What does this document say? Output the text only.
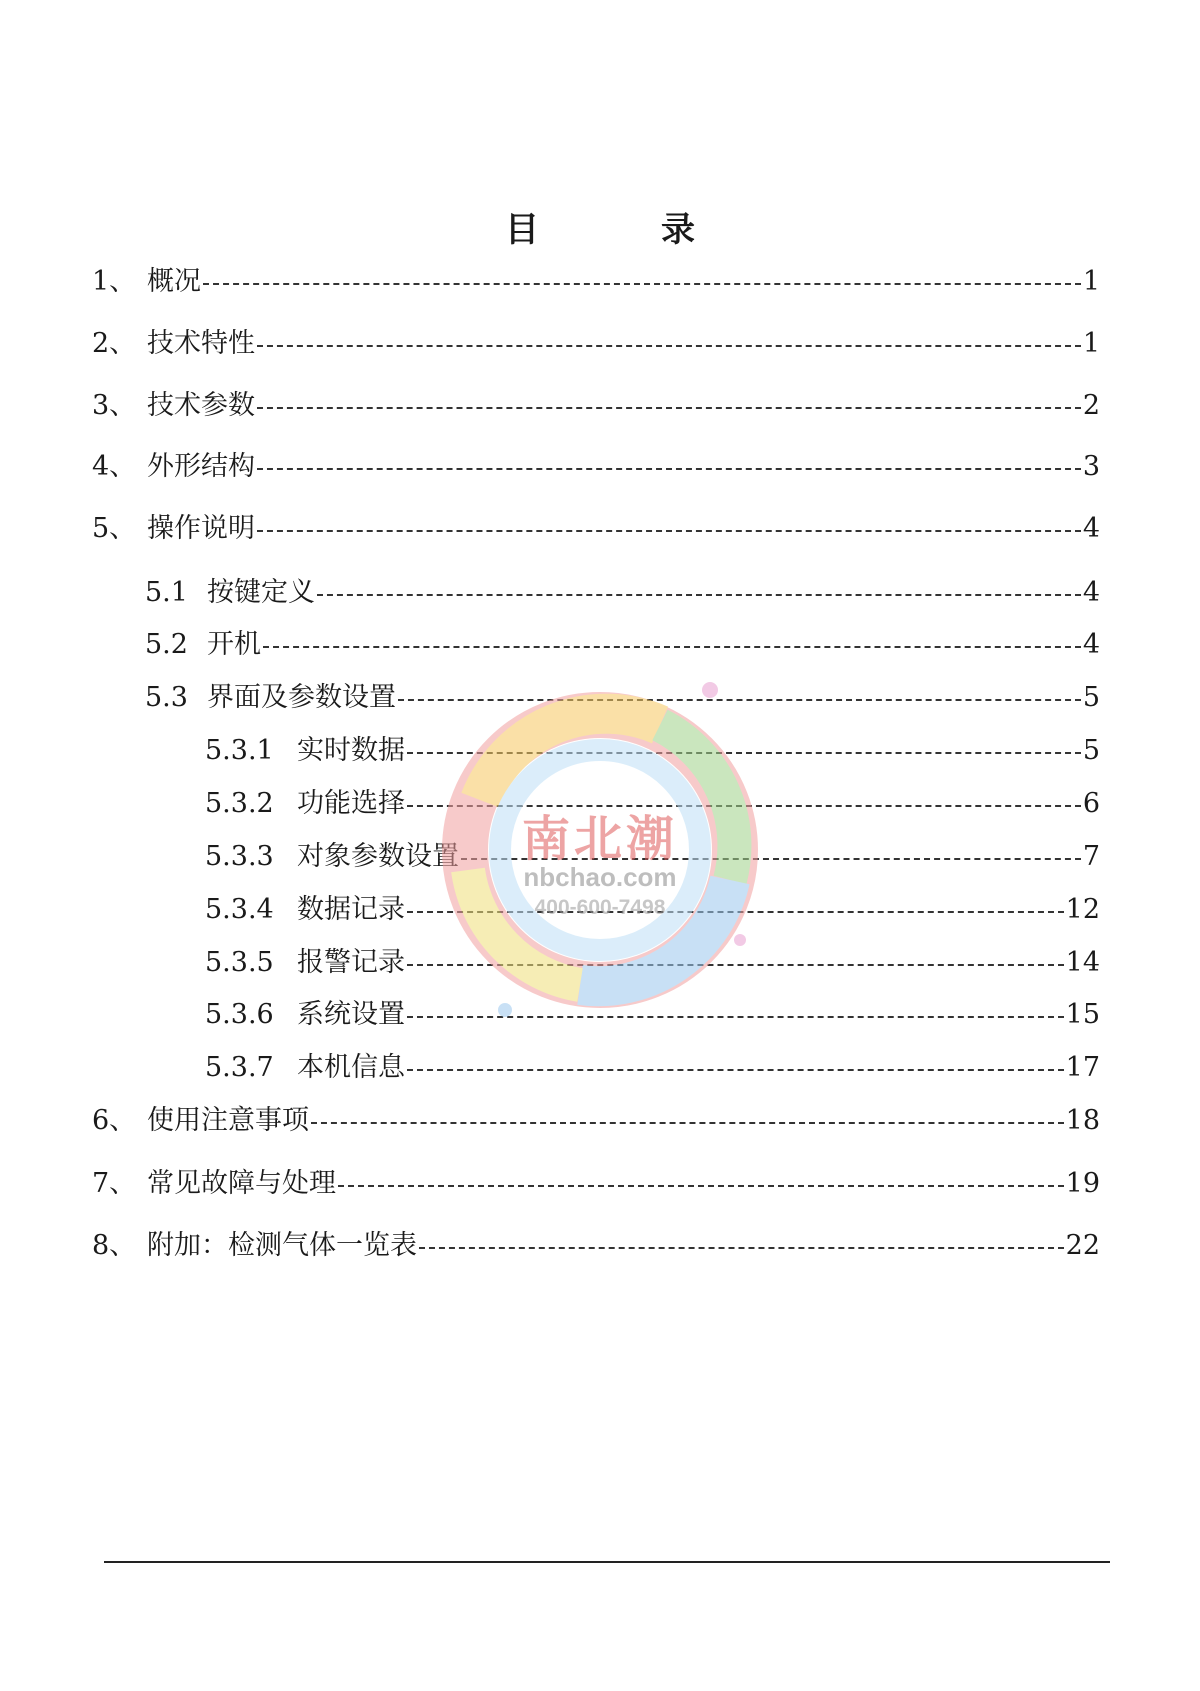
目　录
1、 概况	1
2、 技术特性	1
3、 技术参数	2
4、 外形结构	3
5、 操作说明	4
5.1 按键定义	4
5.2 开机	4
5.3 界面及参数设置	5
5.3.1 实时数据	5
5.3.2 功能选择	6
5.3.3 对象参数设置	7
5.3.4 数据记录	12
5.3.5 报警记录	14
5.3.6 系统设置	15
5.3.7 本机信息	17
6、 使用注意事项	18
7、 常见故障与处理	19
8、 附加：检测气体一览表	22
南北潮
nbchao.com
400-600-7498
